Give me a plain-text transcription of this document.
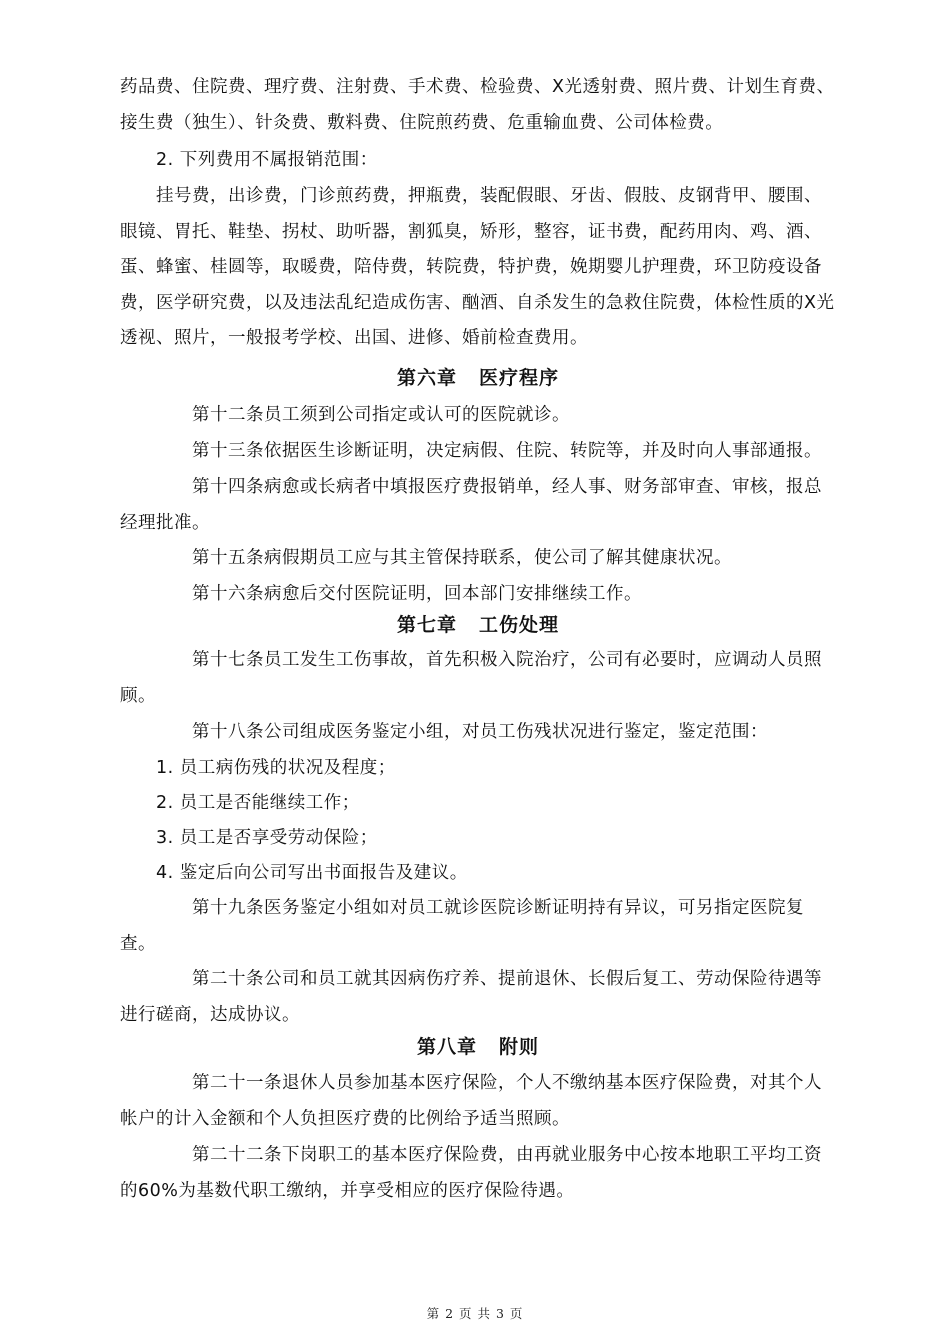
药品费、住院费、理疗费、注射费、手术费、检验费、X光透射费、照片费、计划生育费、接生费（独生）、针灸费、敷料费、住院煎药费、危重输血费、公司体检费。

2. 下列费用不属报销范围：

挂号费，出诊费，门诊煎药费，押瓶费，装配假眼、牙齿、假肢、皮钢背甲、腰围、眼镜、胃托、鞋垫、拐杖、助听器，割狐臭，矫形，整容，证书费，配药用肉、鸡、酒、蛋、蜂蜜、桂圆等，取暖费，陪侍费，转院费，特护费，娩期婴儿护理费，环卫防疫设备费，医学研究费，以及违法乱纪造成伤害、酗酒、自杀发生的急救住院费，体检性质的X光透视、照片，一般报考学校、出国、进修、婚前检查费用。

第六章 医疗程序

第十二条员工须到公司指定或认可的医院就诊。

第十三条依据医生诊断证明，决定病假、住院、转院等，并及时向人事部通报。

第十四条病愈或长病者中填报医疗费报销单，经人事、财务部审查、审核，报总经理批准。

第十五条病假期员工应与其主管保持联系，使公司了解其健康状况。

第十六条病愈后交付医院证明，回本部门安排继续工作。

第七章 工伤处理

第十七条员工发生工伤事故，首先积极入院治疗，公司有必要时，应调动人员照顾。

第十八条公司组成医务鉴定小组，对员工伤残状况进行鉴定，鉴定范围：

1. 员工病伤残的状况及程度；

2. 员工是否能继续工作；

3. 员工是否享受劳动保险；

4. 鉴定后向公司写出书面报告及建议。

第十九条医务鉴定小组如对员工就诊医院诊断证明持有异议，可另指定医院复查。

第二十条公司和员工就其因病伤疗养、提前退休、长假后复工、劳动保险待遇等进行磋商，达成协议。

第八章 附则

第二十一条退休人员参加基本医疗保险，个人不缴纳基本医疗保险费，对其个人帐户的计入金额和个人负担医疗费的比例给予适当照顾。

第二十二条下岗职工的基本医疗保险费，由再就业服务中心按本地职工平均工资的60%为基数代职工缴纳，并享受相应的医疗保险待遇。

第 2 页 共 3 页
